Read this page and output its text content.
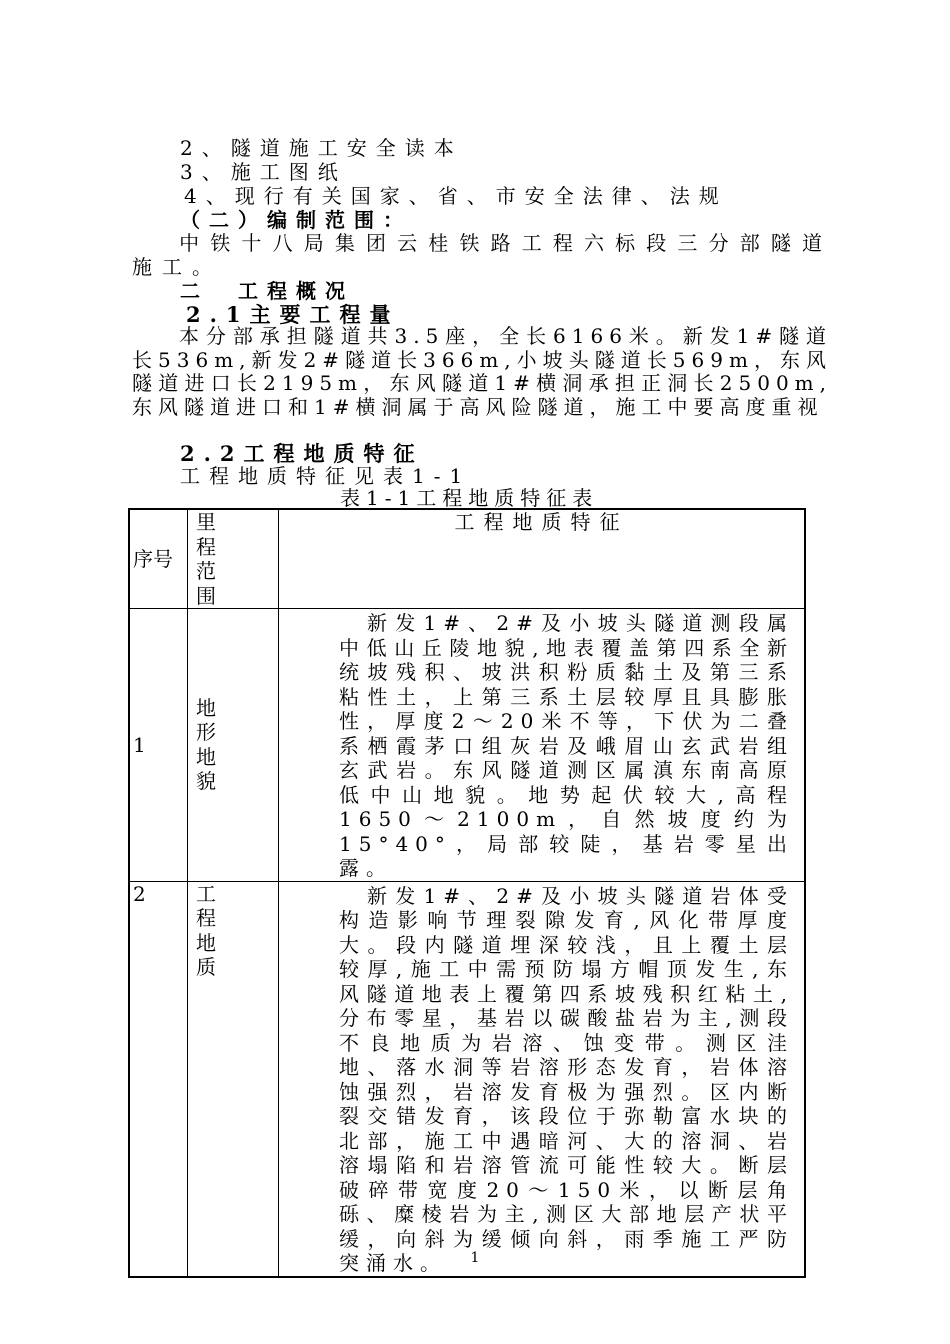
2、隧道施工安全读本
3、施工图纸
4、现行有关国家、省、市安全法律、法规
（二）编制范围：
中铁十八局集团云桂铁路工程六标段三分部隧道施工。
二　工程概况
2.1主要工程量
本分部承担隧道共3.5座，全长6166米。新发1#隧道长536m,新发2#隧道长366m,小坡头隧道长569m，东风隧道进口长2195m，东风隧道1#横洞承担正洞长2500m,东风隧道进口和1#横洞属于高风险隧道，施工中要高度重视
2.2工程地质特征
工程地质特征见表1-1
表1-1工程地质特征表
序号	里程范围	工程地质特征
1	地形地貌	新发1#、2#及小坡头隧道测段属中低山丘陵地貌,地表覆盖第四系全新统坡残积、坡洪积粉质黏土及第三系粘性土，上第三系土层较厚且具膨胀性，厚度2～20米不等，下伏为二叠系栖霞茅口组灰岩及峨眉山玄武岩组玄武岩。东风隧道测区属滇东南高原低中山地貌。地势起伏较大,高程1650～2100m，自然坡度约为15°40°，局部较陡，基岩零星出露。
2	工程地质	新发1#、2#及小坡头隧道岩体受构造影响节理裂隙发育,风化带厚度大。段内隧道埋深较浅，且上覆土层较厚,施工中需预防塌方帽顶发生,东风隧道地表上覆第四系坡残积红粘土,分布零星，基岩以碳酸盐岩为主,测段不良地质为岩溶、蚀变带。测区洼地、落水洞等岩溶形态发育，岩体溶蚀强烈，岩溶发育极为强烈。区内断裂交错发育，该段位于弥勒富水块的北部，施工中遇暗河、大的溶洞、岩溶塌陷和岩溶管流可能性较大。断层破碎带宽度20～150米，以断层角砾、糜棱岩为主,测区大部地层产状平缓，向斜为缓倾向斜，雨季施工严防突涌水。	1
